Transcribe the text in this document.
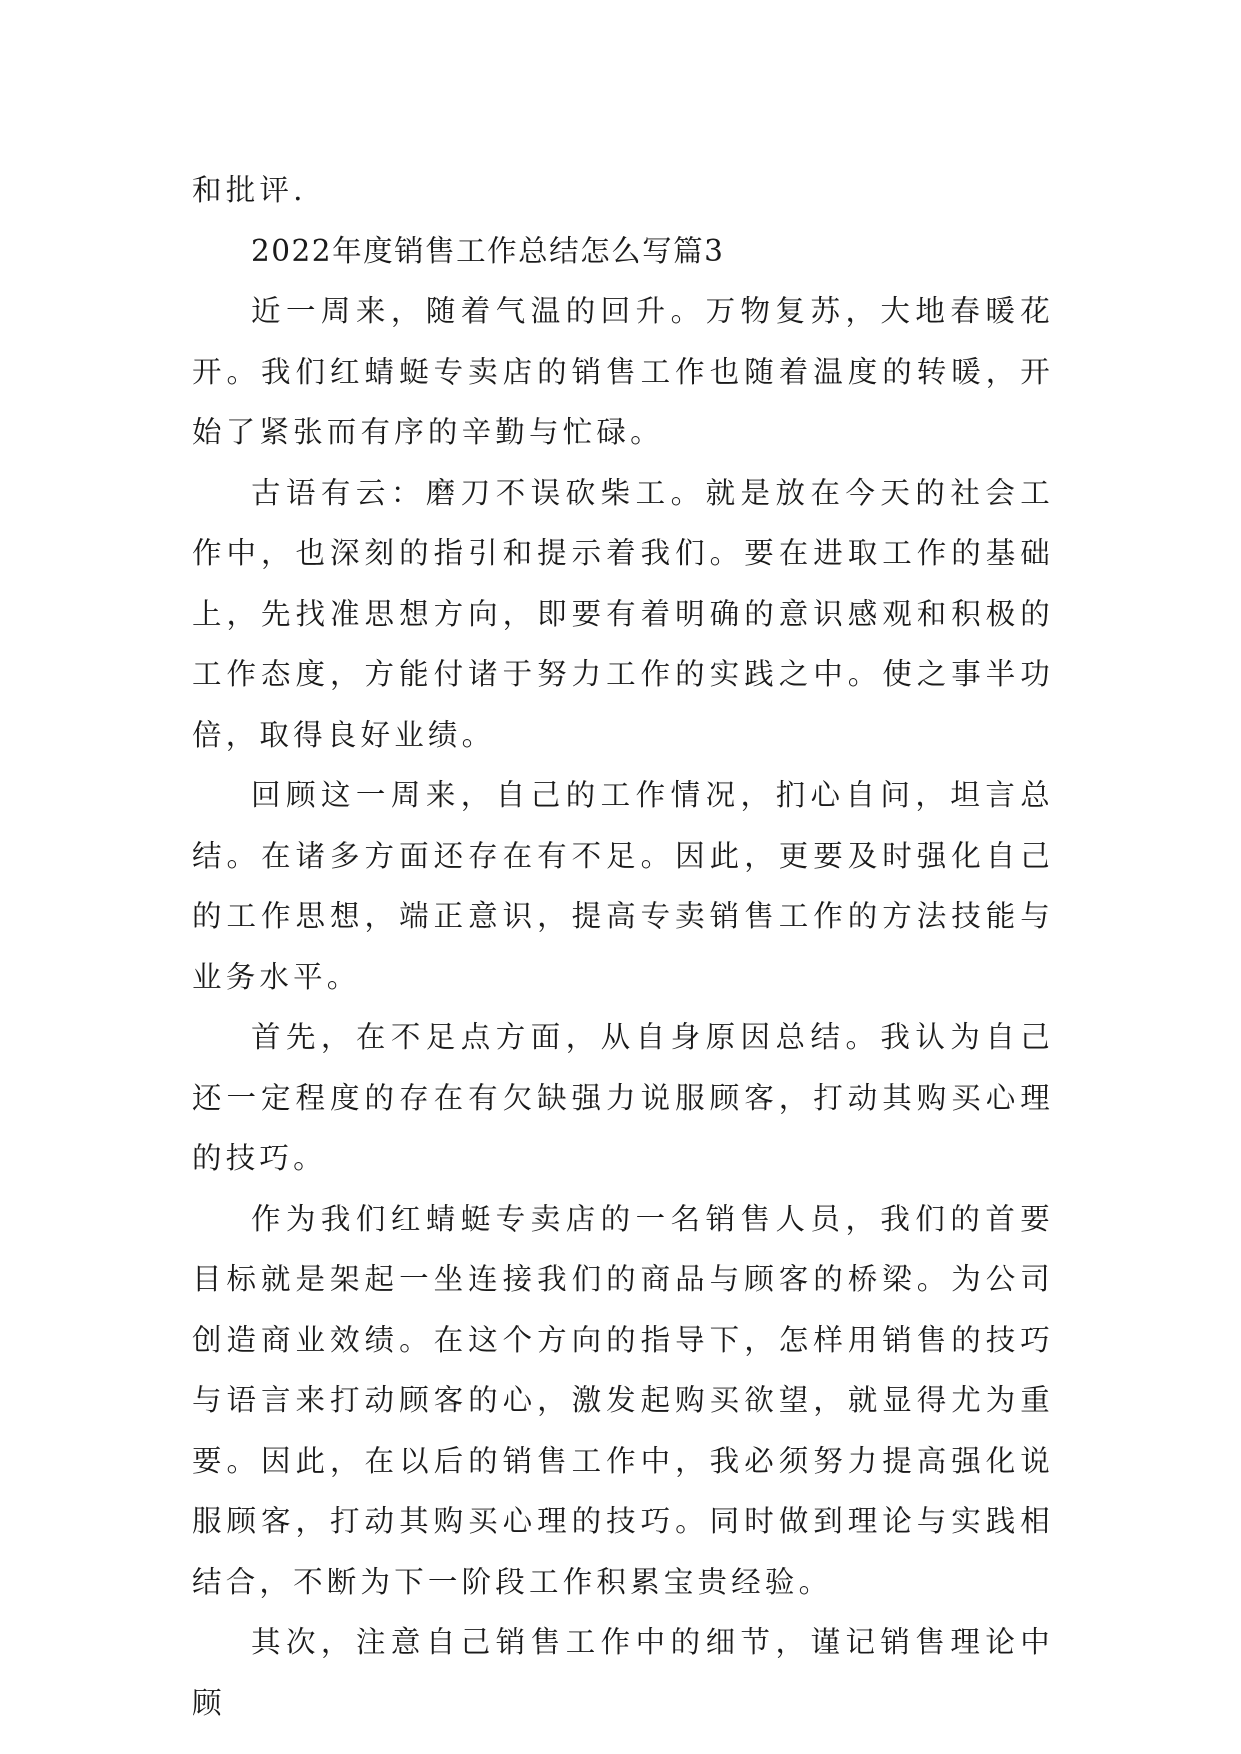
和批评.

2022年度销售工作总结怎么写篇3

近一周来，随着气温的回升。万物复苏，大地春暖花开。我们红蜻蜓专卖店的销售工作也随着温度的转暖，开始了紧张而有序的辛勤与忙碌。

古语有云：磨刀不误砍柴工。就是放在今天的社会工作中，也深刻的指引和提示着我们。要在进取工作的基础上，先找准思想方向，即要有着明确的意识感观和积极的工作态度，方能付诸于努力工作的实践之中。使之事半功倍，取得良好业绩。

回顾这一周来，自己的工作情况，扪心自问，坦言总结。在诸多方面还存在有不足。因此，更要及时强化自己的工作思想，端正意识，提高专卖销售工作的方法技能与业务水平。

首先，在不足点方面，从自身原因总结。我认为自己还一定程度的存在有欠缺强力说服顾客，打动其购买心理的技巧。

作为我们红蜻蜓专卖店的一名销售人员，我们的首要目标就是架起一坐连接我们的商品与顾客的桥梁。为公司创造商业效绩。在这个方向的指导下，怎样用销售的技巧与语言来打动顾客的心，激发起购买欲望，就显得尤为重要。因此，在以后的销售工作中，我必须努力提高强化说服顾客，打动其购买心理的技巧。同时做到理论与实践相结合，不断为下一阶段工作积累宝贵经验。

其次，注意自己销售工作中的细节，谨记销售理论中顾
